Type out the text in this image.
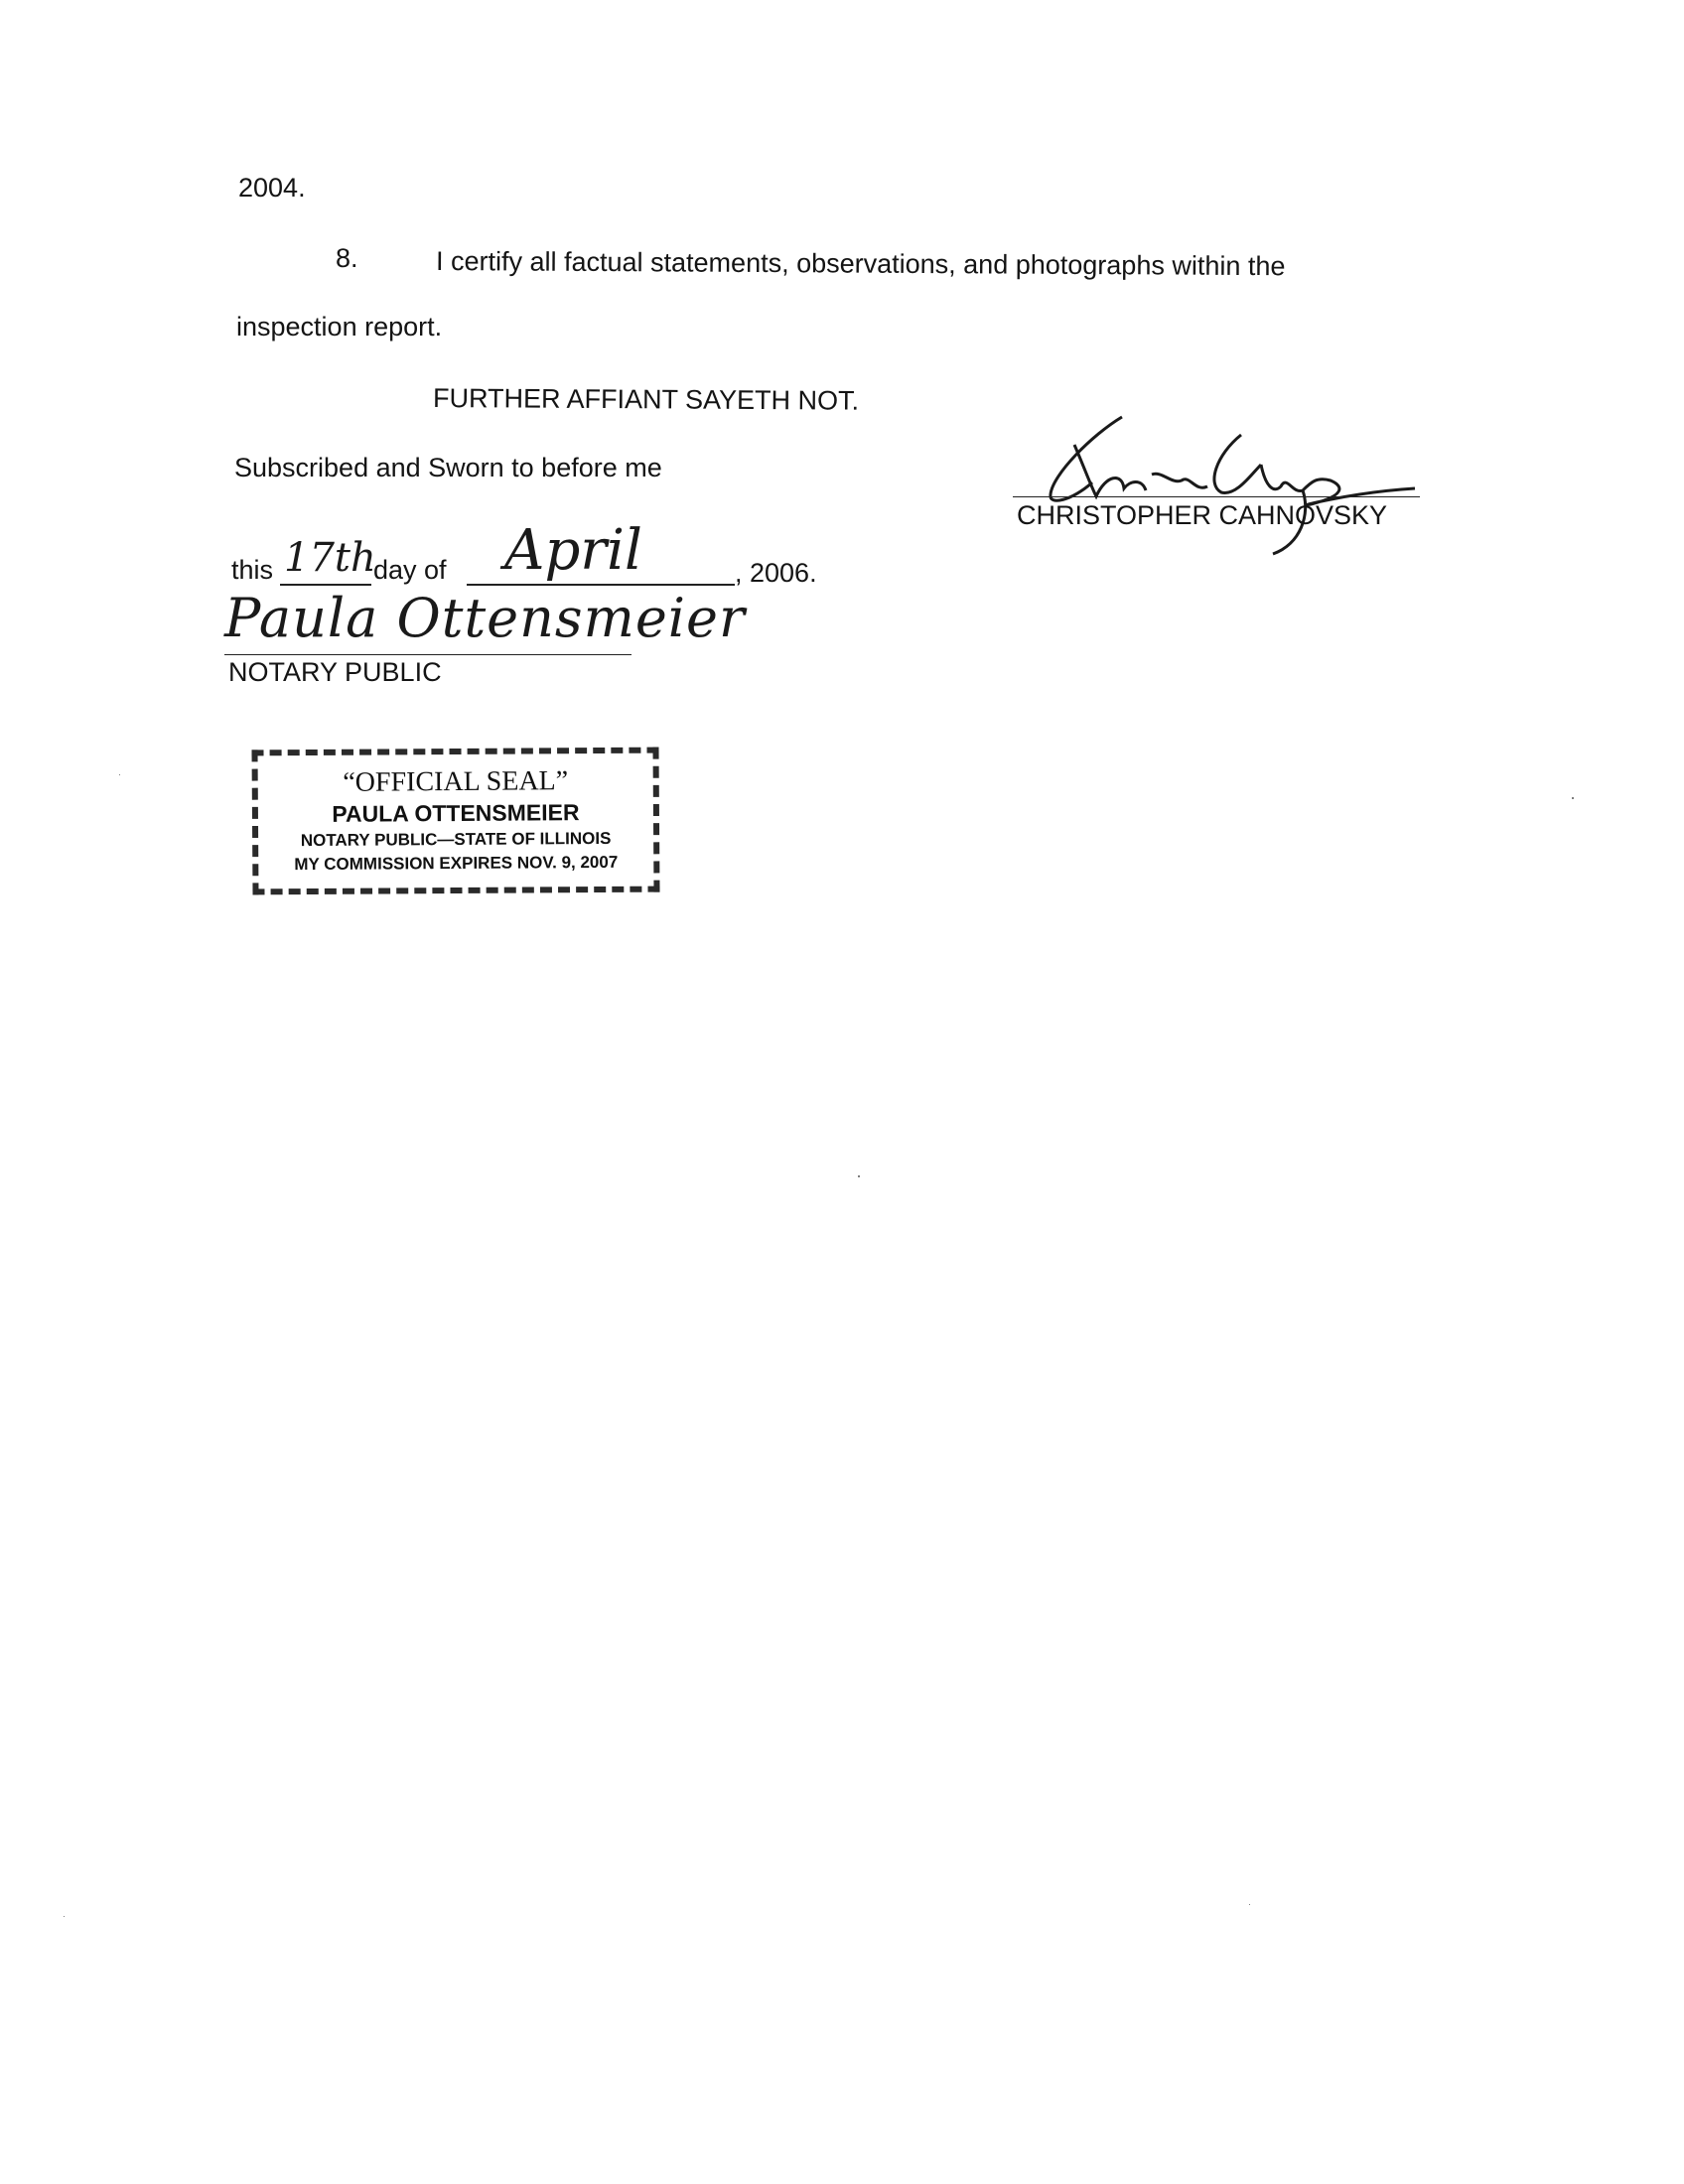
2004.
8.	I certify all factual statements, observations, and photographs within the
inspection report.
FURTHER AFFIANT SAYETH NOT.
Subscribed and Sworn to before me
this 17th
day of April	, 2006.
Paula Ottensmeier
NOTARY PUBLIC
CHRISTOPHER CAHNOVSKY
“OFFICIAL SEAL”
PAULA OTTENSMEIER
NOTARY PUBLIC—STATE OF ILLINOIS
MY COMMISSION EXPIRES NOV. 9, 2007
